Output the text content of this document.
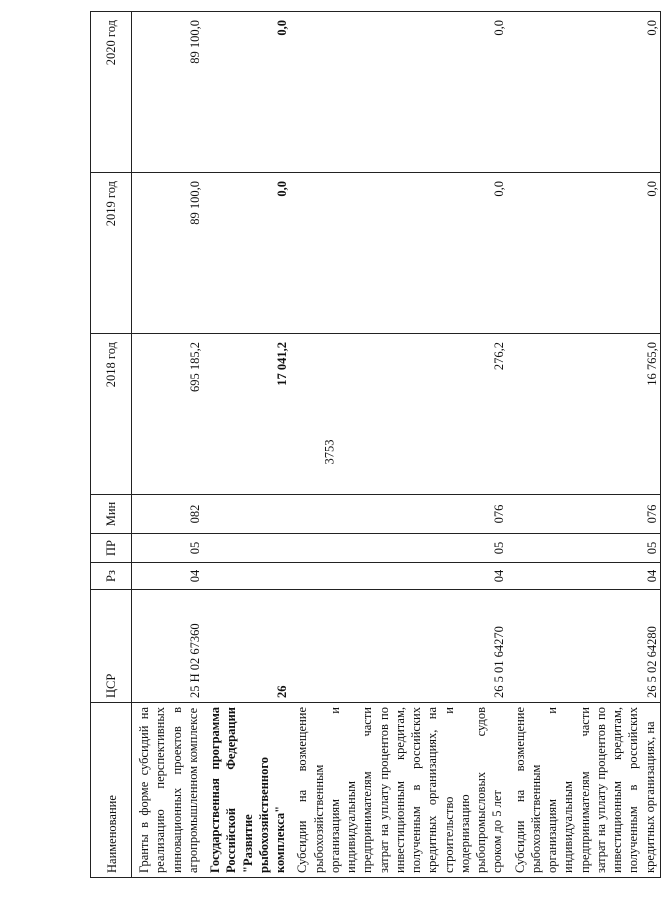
3753
Наименование	ЦСР	Рз	ПР	Мин	2018 год	2019 год	2020 год
Гранты в форме субсидий на реализацию перспективных инновационных проектов в агропромышленном комплексе	25 Н 02 67360	04	05	082	695 185,2	89 100,0	89 100,0
Государственная программа Российской Федерации "Развитие рыбохозяйственного комплекса"	26				17 041,2	0,0	0,0
Субсидии на возмещение рыбохозяйственным организациям и индивидуальным предпринимателям части затрат на уплату процентов по инвестиционным кредитам, полученным в российских кредитных организациях, на строительство и модернизацию рыбопромысловых судов сроком до 5 лет	26 5 01 64270	04	05	076	276,2	0,0	0,0
Субсидии на возмещение рыбохозяйственным организациям и индивидуальным предпринимателям части затрат на уплату процентов по инвестиционным кредитам, полученным в российских кредитных организациях, на	26 5 02 64280	04	05	076	16 765,0	0,0	0,0
